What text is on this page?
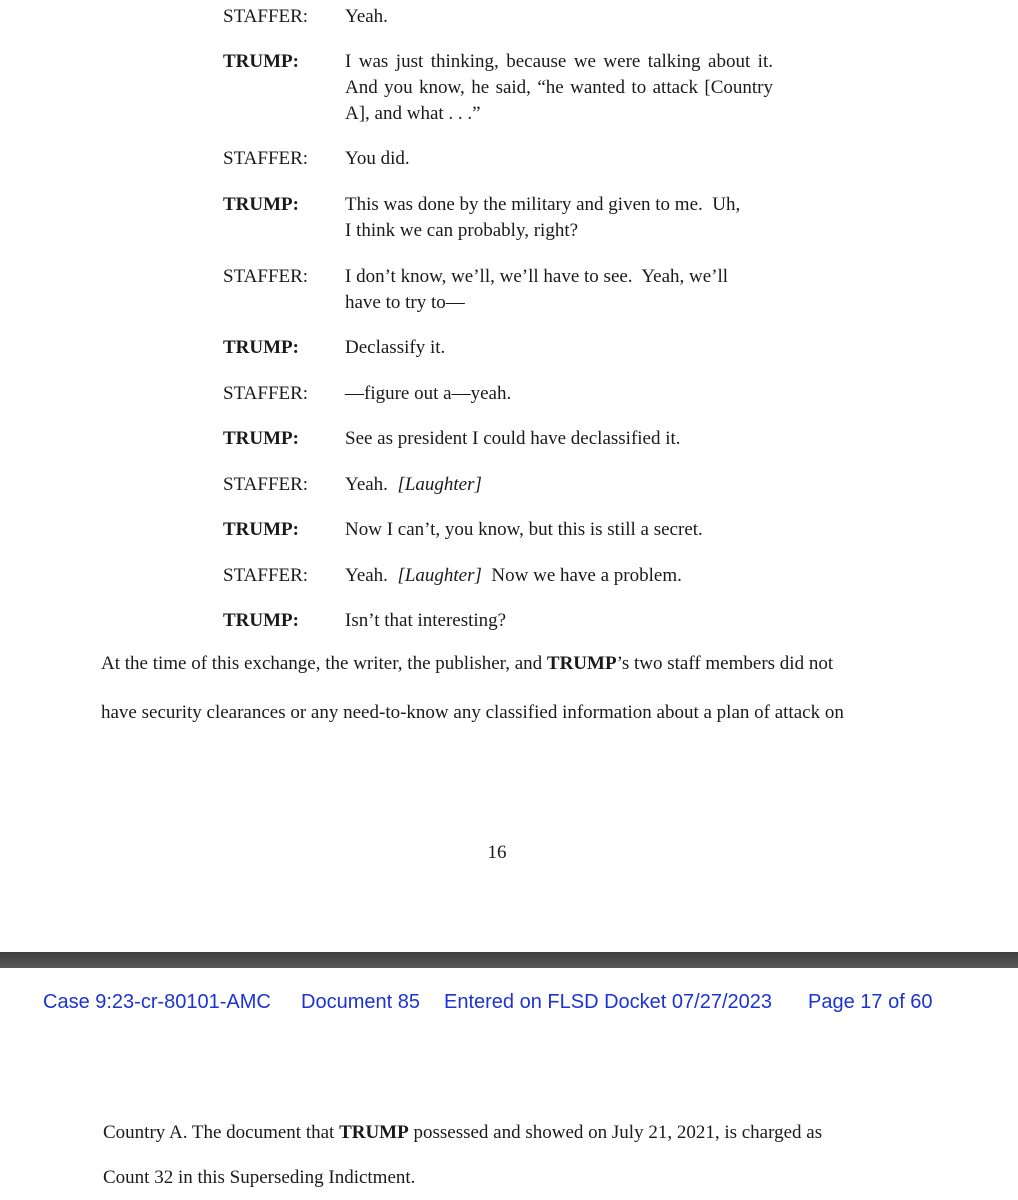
STAFFER:	Yeah.
TRUMP:	I was just thinking, because we were talking about it. And you know, he said, “he wanted to attack [Country A], and what . . .”
STAFFER:	You did.
TRUMP:	This was done by the military and given to me.  Uh,
I think we can probably, right?
STAFFER:	I don’t know, we’ll, we’ll have to see.  Yeah, we’ll
have to try to—
TRUMP:	Declassify it.
STAFFER:	—figure out a—yeah.
TRUMP:	See as president I could have declassified it.
STAFFER:	Yeah.  [Laughter]
TRUMP:	Now I can’t, you know, but this is still a secret.
STAFFER:	Yeah.  [Laughter]  Now we have a problem.
TRUMP:	Isn’t that interesting?
At the time of this exchange, the writer, the publisher, and TRUMP’s two staff members did not
have security clearances or any need-to-know any classified information about a plan of attack on
16
Case 9:23-cr-80101-AMC Document 85 Entered on FLSD Docket 07/27/2023 Page 17 of 60
Country A. The document that TRUMP possessed and showed on July 21, 2021, is charged as
Count 32 in this Superseding Indictment.
